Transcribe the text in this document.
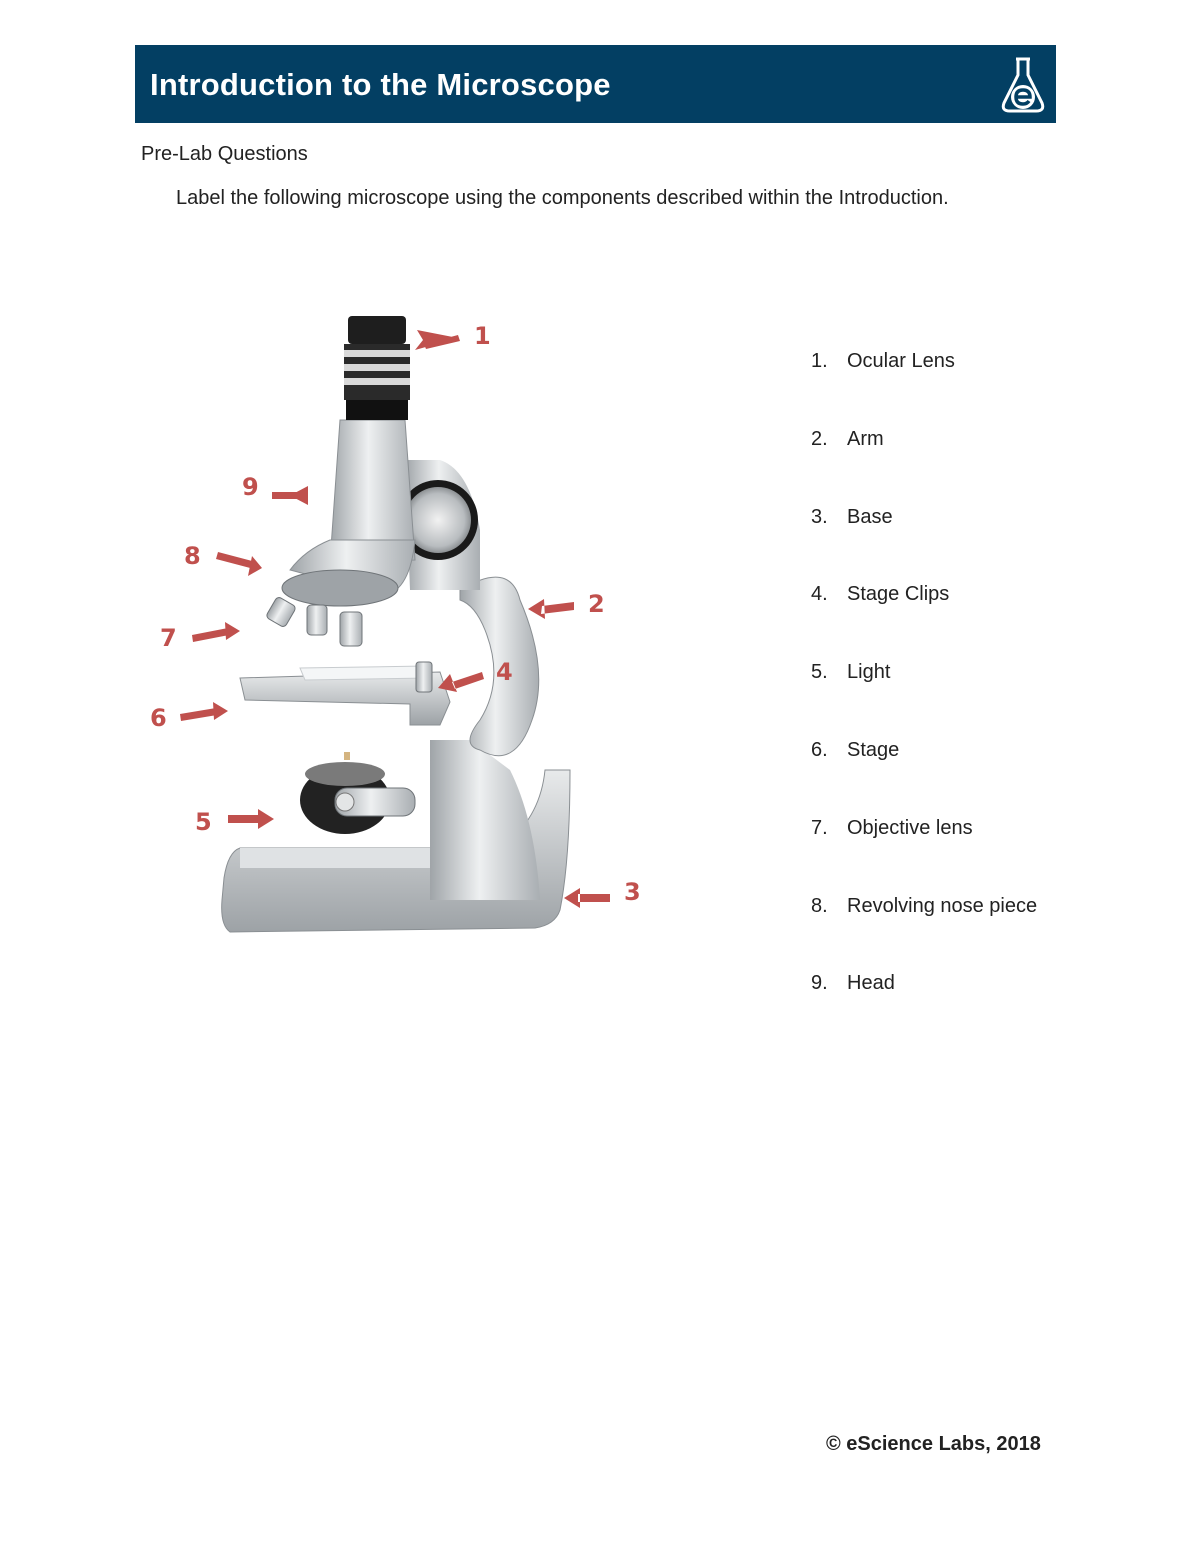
Introduction to the Microscope
Pre-Lab Questions
Label the following microscope using the components described within the Introduction.
1
2
3
4
5
6
7
8
9
1. Ocular Lens
2. Arm
3. Base
4. Stage Clips
5. Light
6. Stage
7. Objective lens
8. Revolving nose piece
9. Head
© eScience Labs, 2018
